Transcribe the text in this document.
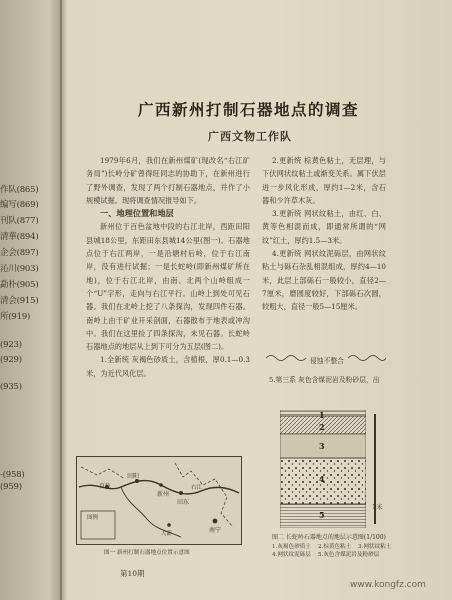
作队(865)
编写(869)
刊队(877)
清華(894)
企会(897)
沁川(903)
勐朴(905)
清会(915)
所(919)
(923)
(929)
(935)
-(958)
(959)
广西新州打制石器地点的调查
广西文物工作队

1979年6月，我们在新州煤矿(现改名“右江矿务局”)长岭分矿曾得旺同志的协助下，在新州进行了野外调查，发现了两个打制石器地点，并作了小规模试掘。现将调查情况报导如下。

一、地理位置和地层

新州位于百色盆地中段的右江北岸，西距田阳县城18公里，东距田东县城14公里(图一)。石器地点位于右江两岸，一是沿塘村后岭，位于右江南岸，没有进行试掘；一是长蛇岭(即新州煤矿所在地)，位于右江北岸，由南、北两个山岭组成一个“U”字形，走向与右江平行。山岭上到处可见石器。我们在北岭上挖了八条探沟，发现四件石器。南岭上由于矿业开采剖面，石器散布于地表或冲沟中。我们在这里捡了四条探沟，未见石器。长蛇岭石器地点的地层从上到下可分为五层(图二)。

1.全新统 灰褐色砂质土，含植根，厚0.1—0.3米，为近代风化层。

百色
田阳
新州
田东
南宁
右江
大新
图例
图一 新州打制石器地点位置示意图

2.更新统 棕黄色粘土，无层理，与下伏网状纹粘土或渐变关系。属下伏层进一步风化形成，厚约1—2米，含石器和少许草木灰。

3.更新统 网状纹粘土，由红、白、黄等色相混而成，即通常所谓的“网纹”红土，厚约1.5—3米。

4.更新统 网状纹泥砾层，由网状纹粘土与砾石杂乱相混组成，厚约4—10米，此层上部砾石一般较小，直径2—7厘米，磨圆度较好，下部砾石次圆，较粗大，直径一般5—15厘米。

侵蚀不整合
5.第三系 灰色含煤泥岩及粉砂层，出
1
2
3
4
5
1米
图二 长蛇岭石器地点的地层示意图(1/100)
1.灰褐色砂质土 2.棕黄色粘土 3.网状纹粘土
4.网状纹泥砾层 5.灰色含煤泥岩及粉砂层
第10期
www.kongfz.com
